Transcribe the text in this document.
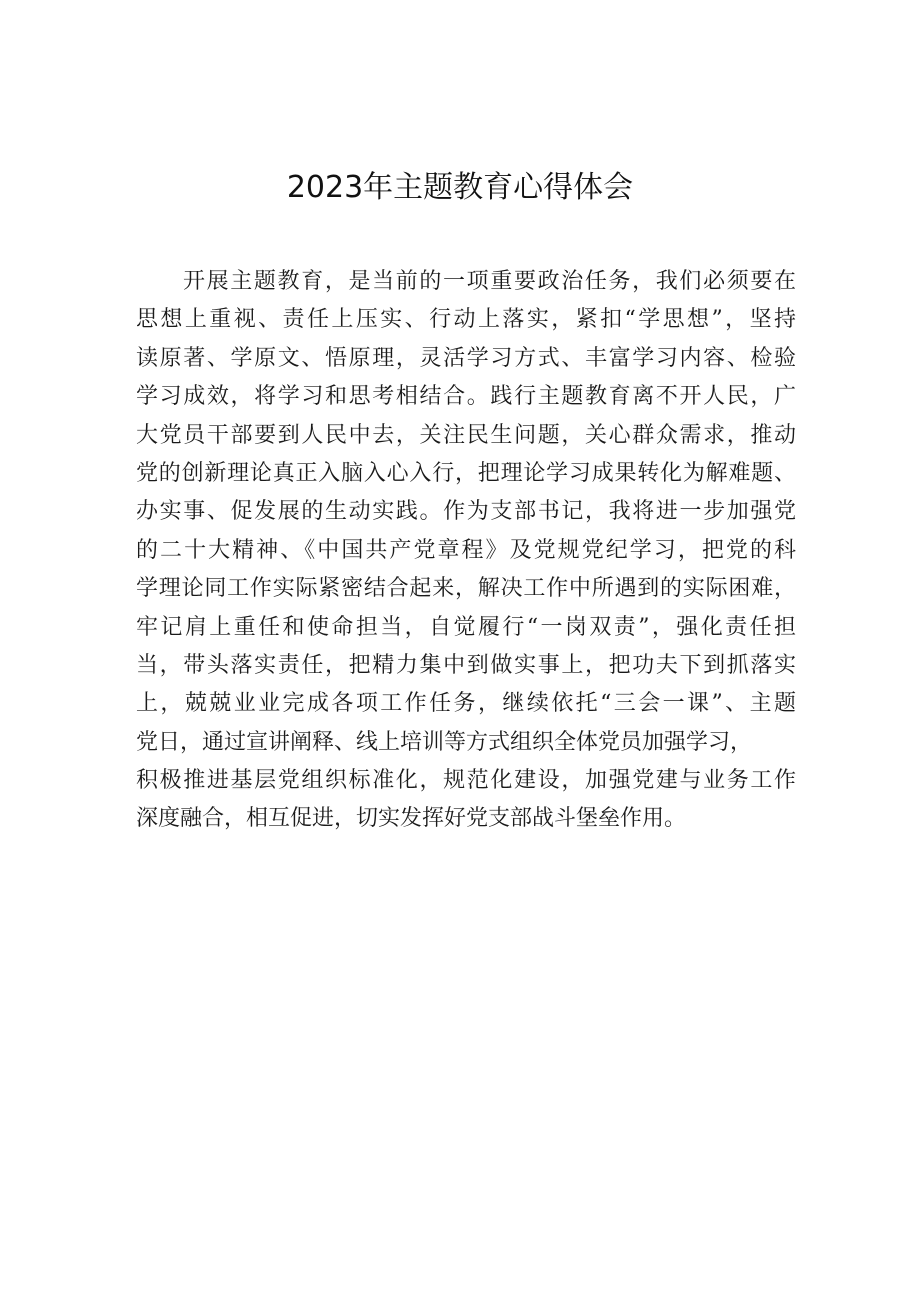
2023年主题教育心得体会
开展主题教育，是当前的一项重要政治任务，我们必须要在
思想上重视、责任上压实、行动上落实，紧扣“学思想”，坚持
读原著、学原文、悟原理，灵活学习方式、丰富学习内容、检验
学习成效，将学习和思考相结合。践行主题教育离不开人民，广
大党员干部要到人民中去，关注民生问题，关心群众需求，推动
党的创新理论真正入脑入心入行，把理论学习成果转化为解难题、
办实事、促发展的生动实践。作为支部书记，我将进一步加强党
的二十大精神、《中国共产党章程》及党规党纪学习，把党的科
学理论同工作实际紧密结合起来，解决工作中所遇到的实际困难，
牢记肩上重任和使命担当，自觉履行“一岗双责”，强化责任担
当，带头落实责任，把精力集中到做实事上，把功夫下到抓落实
上，兢兢业业完成各项工作任务，继续依托“三会一课”、主题
党日，通过宣讲阐释、线上培训等方式组织全体党员加强学习，
积极推进基层党组织标准化，规范化建设，加强党建与业务工作
深度融合，相互促进，切实发挥好党支部战斗堡垒作用。
